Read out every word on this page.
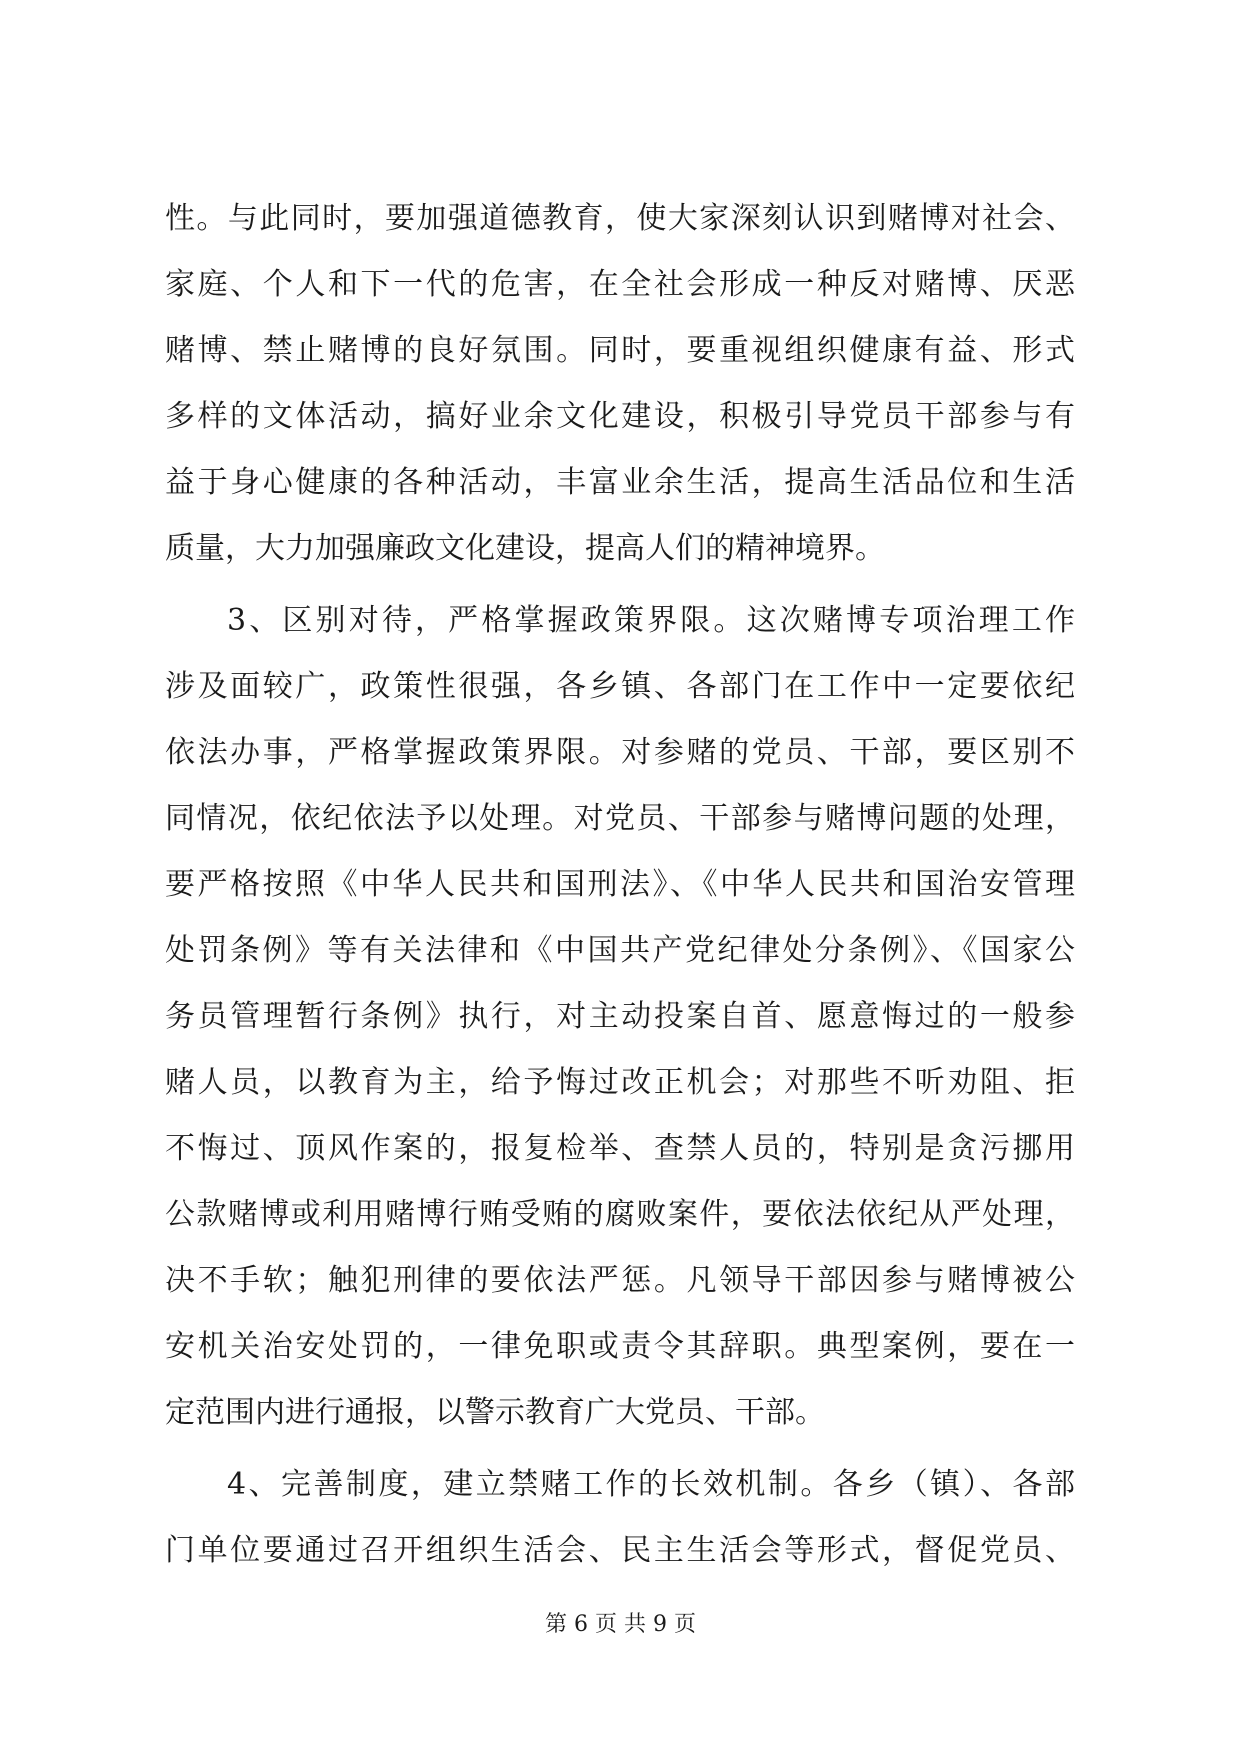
性。与此同时，要加强道德教育，使大家深刻认识到赌博对社会、
家庭、个人和下一代的危害，在全社会形成一种反对赌博、厌恶
赌博、禁止赌博的良好氛围。同时，要重视组织健康有益、形式
多样的文体活动，搞好业余文化建设，积极引导党员干部参与有
益于身心健康的各种活动，丰富业余生活，提高生活品位和生活
质量，大力加强廉政文化建设，提高人们的精神境界。
3、区别对待，严格掌握政策界限。这次赌博专项治理工作
涉及面较广，政策性很强，各乡镇、各部门在工作中一定要依纪
依法办事，严格掌握政策界限。对参赌的党员、干部，要区别不
同情况，依纪依法予以处理。对党员、干部参与赌博问题的处理，
要严格按照《中华人民共和国刑法》、《中华人民共和国治安管理
处罚条例》等有关法律和《中国共产党纪律处分条例》、《国家公
务员管理暂行条例》执行，对主动投案自首、愿意悔过的一般参
赌人员，以教育为主，给予悔过改正机会；对那些不听劝阻、拒
不悔过、顶风作案的，报复检举、查禁人员的，特别是贪污挪用
公款赌博或利用赌博行贿受贿的腐败案件，要依法依纪从严处理，
决不手软；触犯刑律的要依法严惩。凡领导干部因参与赌博被公
安机关治安处罚的，一律免职或责令其辞职。典型案例，要在一
定范围内进行通报，以警示教育广大党员、干部。
4、完善制度，建立禁赌工作的长效机制。各乡（镇）、各部
门单位要通过召开组织生活会、民主生活会等形式，督促党员、
第 6 页 共 9 页
